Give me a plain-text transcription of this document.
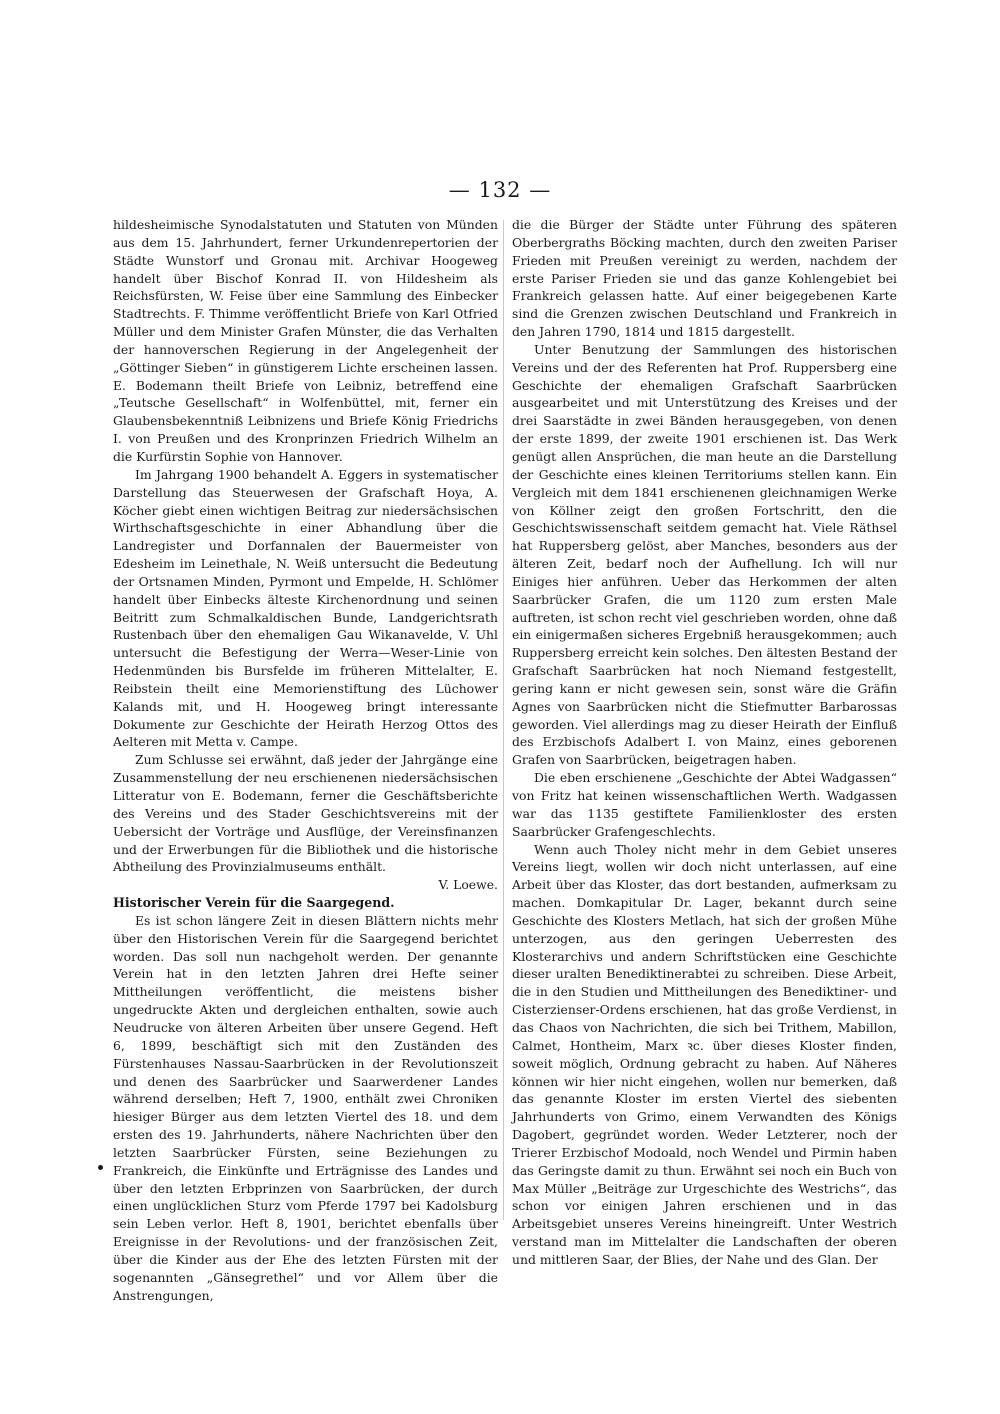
— 132 —

hildesheimische Synodalstatuten und Statuten von Münden aus dem 15. Jahrhundert, ferner Urkundenrepertorien der Städte Wunstorf und Gronau mit. Archivar Hoogeweg handelt über Bischof Konrad II. von Hildesheim als Reichsfürsten, W. Feise über eine Sammlung des Einbecker Stadtrechts. F. Thimme veröffentlicht Briefe von Karl Otfried Müller und dem Minister Grafen Münster, die das Verhalten der hannoverschen Regierung in der Angelegenheit der „Göttinger Sieben“ in günstigerem Lichte erscheinen lassen. E. Bodemann theilt Briefe von Leibniz, betreffend eine „Teutsche Gesellschaft“ in Wolfenbüttel, mit, ferner ein Glaubensbekenntniß Leibnizens und Briefe König Friedrichs I. von Preußen und des Kronprinzen Friedrich Wilhelm an die Kurfürstin Sophie von Hannover.

Im Jahrgang 1900 behandelt A. Eggers in systematischer Darstellung das Steuerwesen der Grafschaft Hoya, A. Köcher giebt einen wichtigen Beitrag zur niedersächsischen Wirthschaftsgeschichte in einer Abhandlung über die Landregister und Dorfannalen der Bauermeister von Edesheim im Leinethale, N. Weiß untersucht die Bedeutung der Ortsnamen Minden, Pyrmont und Empelde, H. Schlömer handelt über Einbecks älteste Kirchenordnung und seinen Beitritt zum Schmalkaldischen Bunde, Landgerichtsrath Rustenbach über den ehemaligen Gau Wikanavelde, V. Uhl untersucht die Befestigung der Werra—Weser-Linie von Hedenmünden bis Bursfelde im früheren Mittelalter, E. Reibstein theilt eine Memorienstiftung des Lüchower Kalands mit, und H. Hoogeweg bringt interessante Dokumente zur Geschichte der Heirath Herzog Ottos des Aelteren mit Metta v. Campe.

Zum Schlusse sei erwähnt, daß jeder der Jahrgänge eine Zusammenstellung der neu erschienenen niedersächsischen Litteratur von E. Bodemann, ferner die Geschäftsberichte des Vereins und des Stader Geschichtsvereins mit der Uebersicht der Vorträge und Ausflüge, der Vereinsfinanzen und der Erwerbungen für die Bibliothek und die historische Abtheilung des Provinzialmuseums enthält.

V. Loewe.

Historischer Verein für die Saargegend.

Es ist schon längere Zeit in diesen Blättern nichts mehr über den Historischen Verein für die Saargegend berichtet worden. Das soll nun nachgeholt werden. Der genannte Verein hat in den letzten Jahren drei Hefte seiner Mittheilungen veröffentlicht, die meistens bisher ungedruckte Akten und dergleichen enthalten, sowie auch Neudrucke von älteren Arbeiten über unsere Gegend. Heft 6, 1899, beschäftigt sich mit den Zuständen des Fürstenhauses Nassau-Saarbrücken in der Revolutionszeit und denen des Saarbrücker und Saarwerdener Landes während derselben; Heft 7, 1900, enthält zwei Chroniken hiesiger Bürger aus dem letzten Viertel des 18. und dem ersten des 19. Jahrhunderts, nähere Nachrichten über den letzten Saarbrücker Fürsten, seine Beziehungen zu Frankreich, die Einkünfte und Erträgnisse des Landes und über den letzten Erbprinzen von Saarbrücken, der durch einen unglücklichen Sturz vom Pferde 1797 bei Kadolsburg sein Leben verlor. Heft 8, 1901, berichtet ebenfalls über Ereignisse in der Revolutions- und der französischen Zeit, über die Kinder aus der Ehe des letzten Fürsten mit der sogenannten „Gänsegrethel“ und vor Allem über die Anstrengungen,

die die Bürger der Städte unter Führung des späteren Oberbergraths Böcking machten, durch den zweiten Pariser Frieden mit Preußen vereinigt zu werden, nachdem der erste Pariser Frieden sie und das ganze Kohlengebiet bei Frankreich gelassen hatte. Auf einer beigegebenen Karte sind die Grenzen zwischen Deutschland und Frankreich in den Jahren 1790, 1814 und 1815 dargestellt.

Unter Benutzung der Sammlungen des historischen Vereins und der des Referenten hat Prof. Ruppersberg eine Geschichte der ehemaligen Grafschaft Saarbrücken ausgearbeitet und mit Unterstützung des Kreises und der drei Saarstädte in zwei Bänden herausgegeben, von denen der erste 1899, der zweite 1901 erschienen ist. Das Werk genügt allen Ansprüchen, die man heute an die Darstellung der Geschichte eines kleinen Territoriums stellen kann. Ein Vergleich mit dem 1841 erschienenen gleichnamigen Werke von Köllner zeigt den großen Fortschritt, den die Geschichtswissenschaft seitdem gemacht hat. Viele Räthsel hat Ruppersberg gelöst, aber Manches, besonders aus der älteren Zeit, bedarf noch der Aufhellung. Ich will nur Einiges hier anführen. Ueber das Herkommen der alten Saarbrücker Grafen, die um 1120 zum ersten Male auftreten, ist schon recht viel geschrieben worden, ohne daß ein einigermaßen sicheres Ergebniß herausgekommen; auch Ruppersberg erreicht kein solches. Den ältesten Bestand der Grafschaft Saarbrücken hat noch Niemand festgestellt, gering kann er nicht gewesen sein, sonst wäre die Gräfin Agnes von Saarbrücken nicht die Stiefmutter Barbarossas geworden. Viel allerdings mag zu dieser Heirath der Einfluß des Erzbischofs Adalbert I. von Mainz, eines geborenen Grafen von Saarbrücken, beigetragen haben.

Die eben erschienene „Geschichte der Abtei Wadgassen“ von Fritz hat keinen wissenschaftlichen Werth. Wadgassen war das 1135 gestiftete Familienkloster des ersten Saarbrücker Grafengeschlechts.

Wenn auch Tholey nicht mehr in dem Gebiet unseres Vereins liegt, wollen wir doch nicht unterlassen, auf eine Arbeit über das Kloster, das dort bestanden, aufmerksam zu machen. Domkapitular Dr. Lager, bekannt durch seine Geschichte des Klosters Metlach, hat sich der großen Mühe unterzogen, aus den geringen Ueberresten des Klosterarchivs und andern Schriftstücken eine Geschichte dieser uralten Benediktinerabtei zu schreiben. Diese Arbeit, die in den Studien und Mittheilungen des Benediktiner- und Cisterzienser-Ordens erschienen, hat das große Verdienst, in das Chaos von Nachrichten, die sich bei Trithem, Mabillon, Calmet, Hontheim, Marx ꝛc. über dieses Kloster finden, soweit möglich, Ordnung gebracht zu haben. Auf Näheres können wir hier nicht eingehen, wollen nur bemerken, daß das genannte Kloster im ersten Viertel des siebenten Jahrhunderts von Grimo, einem Verwandten des Königs Dagobert, gegründet worden. Weder Letzterer, noch der Trierer Erzbischof Modoald, noch Wendel und Pirmin haben das Geringste damit zu thun. Erwähnt sei noch ein Buch von Max Müller „Beiträge zur Urgeschichte des Westrichs“, das schon vor einigen Jahren erschienen und in das Arbeitsgebiet unseres Vereins hineingreift. Unter Westrich verstand man im Mittelalter die Landschaften der oberen und mittleren Saar, der Blies, der Nahe und des Glan. Der
